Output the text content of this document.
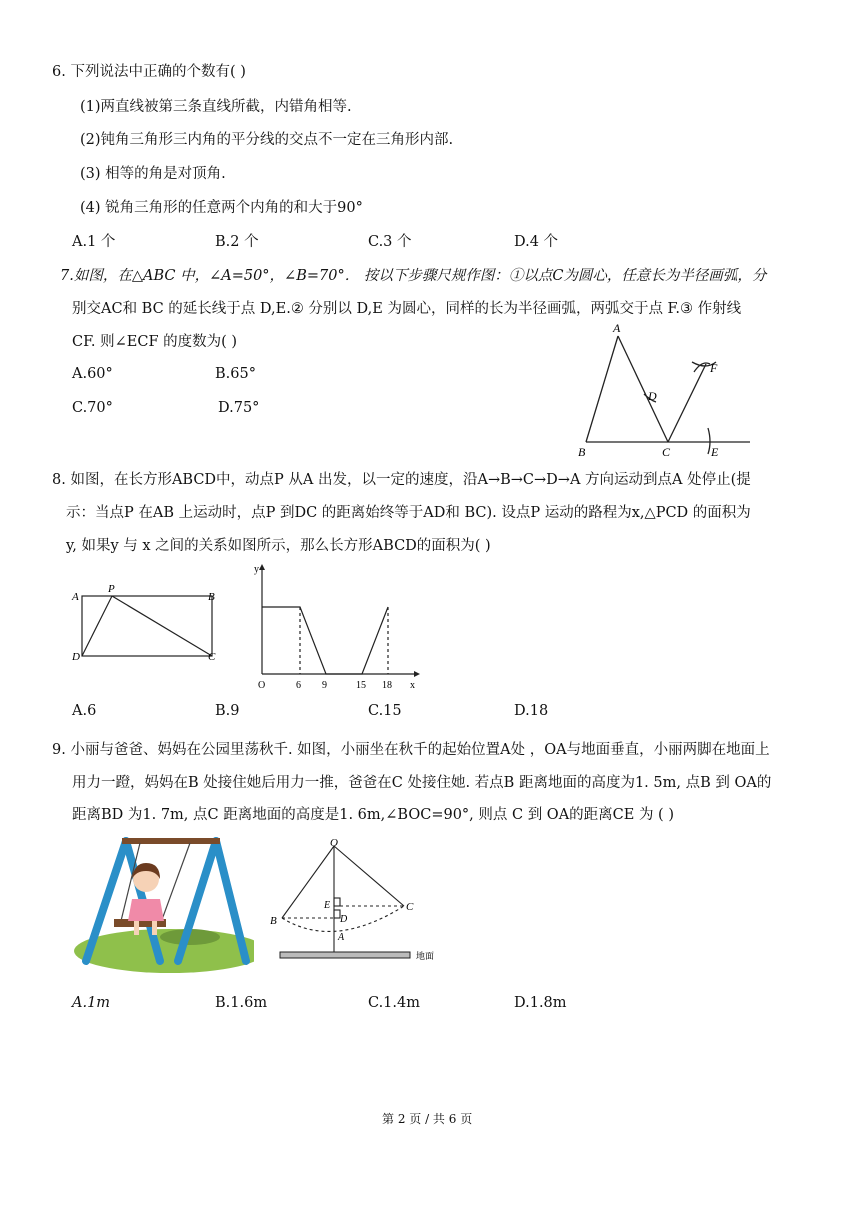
6. 下列说法中正确的个数有( )
(1)两直线被第三条直线所截，内错角相等.
(2)钝角三角形三内角的平分线的交点不一定在三角形内部.
(3) 相等的角是对顶角.
(4) 锐角三角形的任意两个内角的和大于90°
A.1 个	B.2 个	C.3 个	D.4 个
7.如图，在△ABC 中，∠A=50°，∠B=70°． 按以下步骤尺规作图：①以点C为圆心，任意长为半径画弧，分
别交AC和 BC 的延长线于点 D,E.② 分别以 D,E 为圆心，同样的长为半径画弧，两弧交于点 F.③ 作射线
CF. 则∠ECF 的度数为( )
A.60°	B.65°
C.70°	D.75°
A
B	C
D
E
F
8. 如图，在长方形ABCD中，动点P 从A 出发，以一定的速度，沿A→B→C→D→A 方向运动到点A 处停止(提
示：当点P 在AB 上运动时，点P 到DC 的距离始终等于AD和 BC). 设点P 运动的路程为x,△PCD 的面积为
y, 如果y 与 x 之间的关系如图所示，那么长方形ABCD的面积为( )
A
P
B
D	C
y
x
O	6 9	15 18
A.6	B.9	C.15	D.18
9. 小丽与爸爸、妈妈在公园里荡秋千. 如图，小丽坐在秋千的起始位置A处 ，OA与地面垂直，小丽两脚在地面上
用力一蹬，妈妈在B 处接住她后用力一推，爸爸在C 处接住她. 若点B 距离地面的高度为1. 5m, 点B 到 OA的
距离BD 为1. 7m, 点C 距离地面的高度是1. 6m,∠BOC=90°, 则点 C 到 OA的距离CE 为 ( )
O
B
C
E
D
A
地面
A.1m	B.1.6m	C.1.4m	D.1.8m
第 2 页 / 共 6 页
